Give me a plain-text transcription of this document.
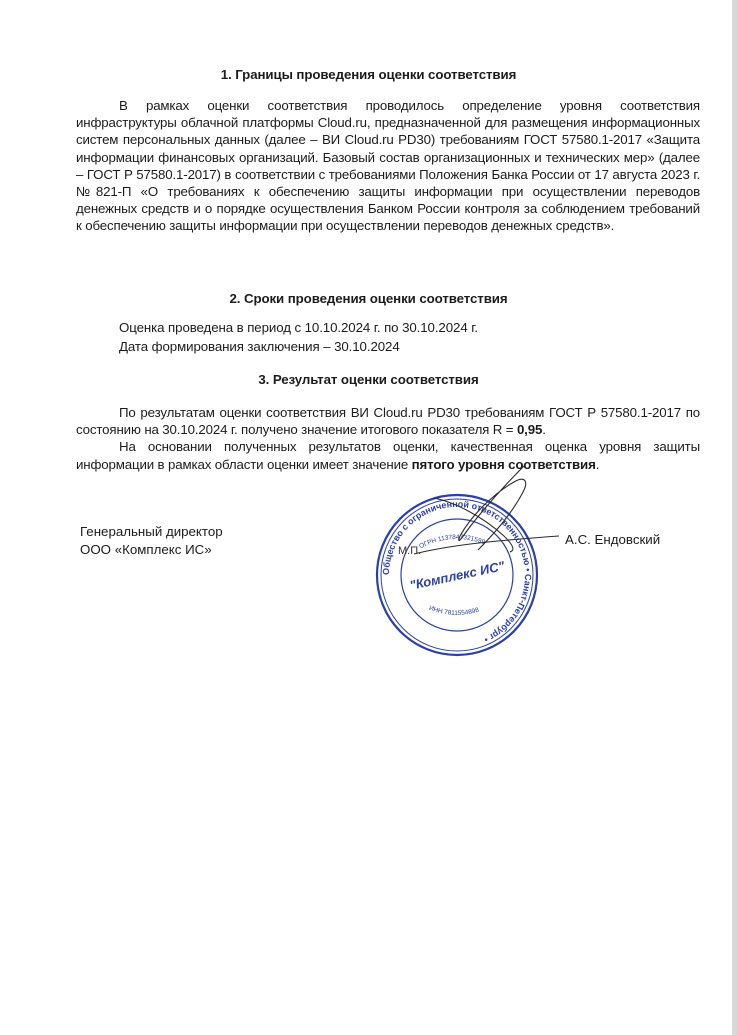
1. Границы проведения оценки соответствия

В рамках оценки соответствия проводилось определение уровня соответствия инфраструктуры облачной платформы Cloud.ru, предназначенной для размещения информационных систем персональных данных (далее – ВИ Cloud.ru PD30) требованиям ГОСТ 57580.1-2017 «Защита информации финансовых организаций. Базовый состав организационных и технических мер» (далее – ГОСТ Р 57580.1-2017) в соответствии с требованиями Положения Банка России от 17 августа 2023 г. №821-П «О требованиях к обеспечению защиты информации при осуществлении переводов денежных средств и о порядке осуществления Банком России контроля за соблюдением требований к обеспечению защиты информации при осуществлении переводов денежных средств».

2. Сроки проведения оценки соответствия
Оценка проведена в период с 10.10.2024 г. по 30.10.2024 г.
Дата формирования заключения – 30.10.2024
3. Результат оценки соответствия

По результатам оценки соответствия ВИ Cloud.ru PD30 требованиям ГОСТ Р 57580.1-2017 по состоянию на 30.10.2024 г. получено значение итогового показателя R = 0,95.

На основании полученных результатов оценки, качественная оценка уровня защиты информации в рамках области оценки имеет значение пятого уровня соответствия.

Генеральный директор
ООО «Комплекс ИС»
Общество с ограниченной ответственностью • Санкт-Петербург •
ОГРН 1137847321599
"Комплекс ИС"
ИНН 7811554898
М.П.
А.С. Ендовский
